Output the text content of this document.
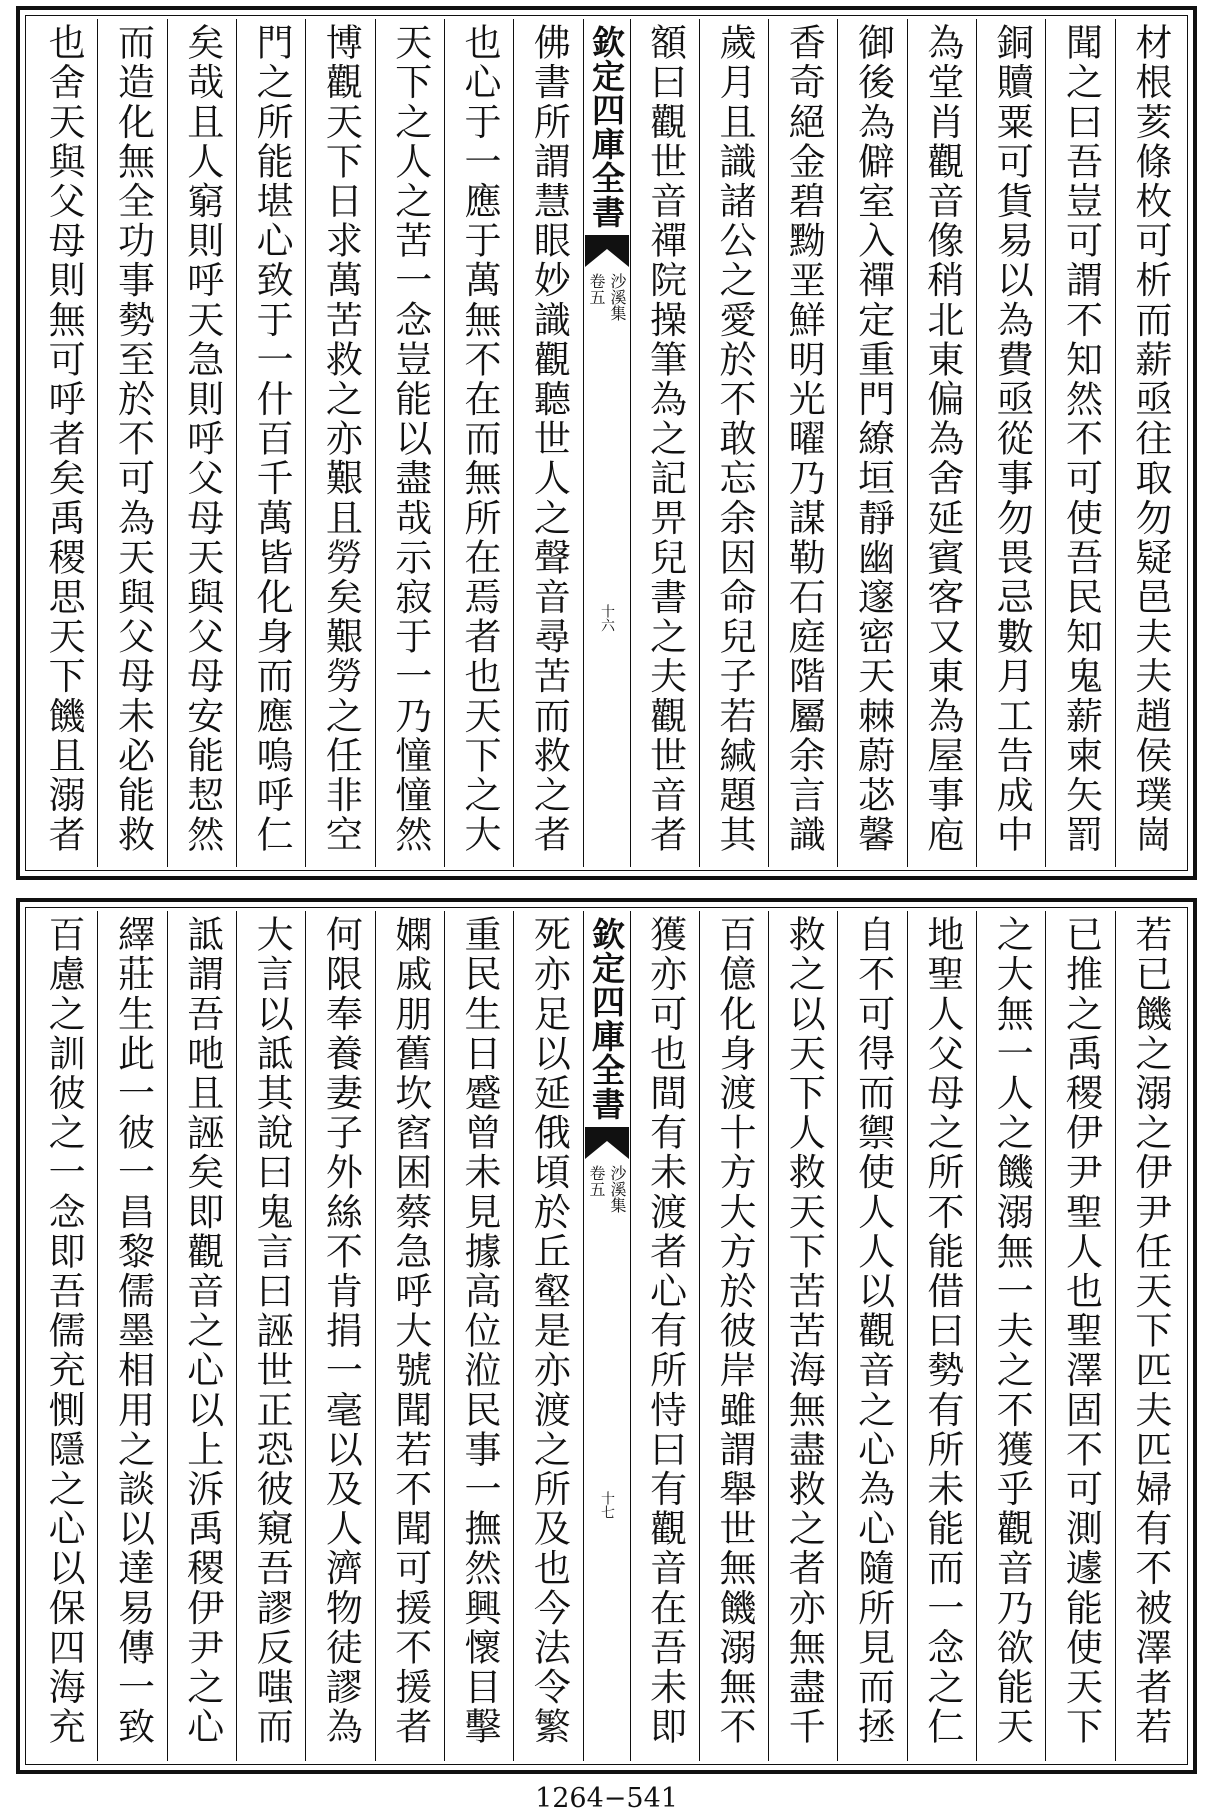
材根荄條枚可析而薪亟往取勿疑邑夫夫趙侯璞崗
聞之曰吾豈可謂不知然不可使吾民知鬼薪柬矢罰
銅贖粟可貨易以為費亟從事勿畏忌數月工告成中
為堂肖觀音像稍北東偏為舍延賓客又東為屋事庖
御後為僻室入禪定重門繚垣靜幽邃密天棘蔚苾馨
香奇絕金碧黝垩鮮明光曜乃謀勒石庭階屬余言識
歲月且識諸公之愛於不敢忘余因命兒子若緘題其
額曰觀世音禪院操筆為之記畀兒書之夫觀世音者
欽定四庫全書
沙溪集
卷五
十六
佛書所謂慧眼妙識觀聽世人之聲音尋苦而救之者
也心于一應于萬無不在而無所在焉者也天下之大
天下之人之苦一念豈能以盡哉示寂于一乃憧憧然
博觀天下日求萬苦救之亦艱且勞矣艱勞之任非空
門之所能堪心致于一什百千萬皆化身而應嗚呼仁
矣哉且人窮則呼天急則呼父母天與父母安能恝然
而造化無全功事勢至於不可為天與父母未必能救
也舍天與父母則無可呼者矣禹稷思天下饑且溺者
若已饑之溺之伊尹任天下匹夫匹婦有不被澤者若
已推之禹稷伊尹聖人也聖澤固不可測遽能使天下
之大無一人之饑溺無一夫之不獲乎觀音乃欲能天
地聖人父母之所不能借曰勢有所未能而一念之仁
自不可得而禦使人人以觀音之心為心隨所見而拯
救之以天下人救天下苦苦海無盡救之者亦無盡千
百億化身渡十方大方於彼岸雖謂舉世無饑溺無不
獲亦可也間有未渡者心有所恃曰有觀音在吾未即
欽定四庫全書
沙溪集
卷五
十七
死亦足以延俄頃於丘壑是亦渡之所及也今法令繁
重民生日蹙曾未見據高位涖民事一撫然興懷目擊
嫻戚朋舊坎窞困蔡急呼大號聞若不聞可援不援者
何限奉養妻子外絲不肯捐一毫以及人濟物徒謬為
大言以詆其說曰鬼言曰誣世正恐彼窺吾謬反嗤而
詆謂吾吔且誣矣即觀音之心以上泝禹稷伊尹之心
繹莊生此一彼一昌黎儒墨相用之談以達易傳一致
百慮之訓彼之一念即吾儒充惻隱之心以保四海充
1264−541
